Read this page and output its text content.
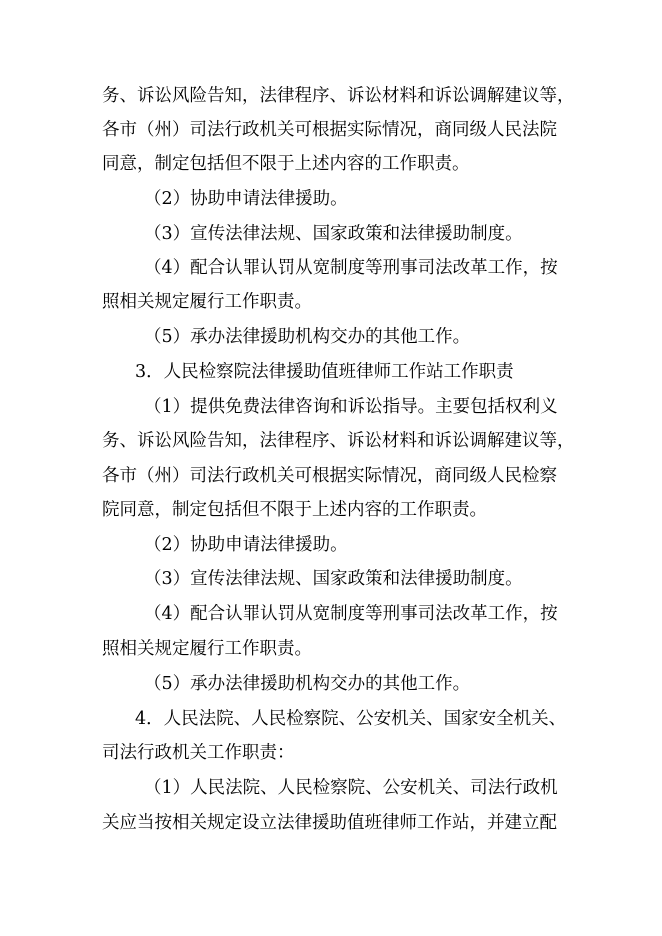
务、诉讼风险告知，法律程序、诉讼材料和诉讼调解建议等，
各市（州）司法行政机关可根据实际情况，商同级人民法院
同意，制定包括但不限于上述内容的工作职责。
（2）协助申请法律援助。
（3）宣传法律法规、国家政策和法律援助制度。
（4）配合认罪认罚从宽制度等刑事司法改革工作，按
照相关规定履行工作职责。
（5）承办法律援助机构交办的其他工作。
3．人民检察院法律援助值班律师工作站工作职责
（1）提供免费法律咨询和诉讼指导。主要包括权利义
务、诉讼风险告知，法律程序、诉讼材料和诉讼调解建议等，
各市（州）司法行政机关可根据实际情况，商同级人民检察
院同意，制定包括但不限于上述内容的工作职责。
（2）协助申请法律援助。
（3）宣传法律法规、国家政策和法律援助制度。
（4）配合认罪认罚从宽制度等刑事司法改革工作，按
照相关规定履行工作职责。
（5）承办法律援助机构交办的其他工作。
4．人民法院、人民检察院、公安机关、国家安全机关、
司法行政机关工作职责：
（1）人民法院、人民检察院、公安机关、司法行政机
关应当按相关规定设立法律援助值班律师工作站，并建立配
